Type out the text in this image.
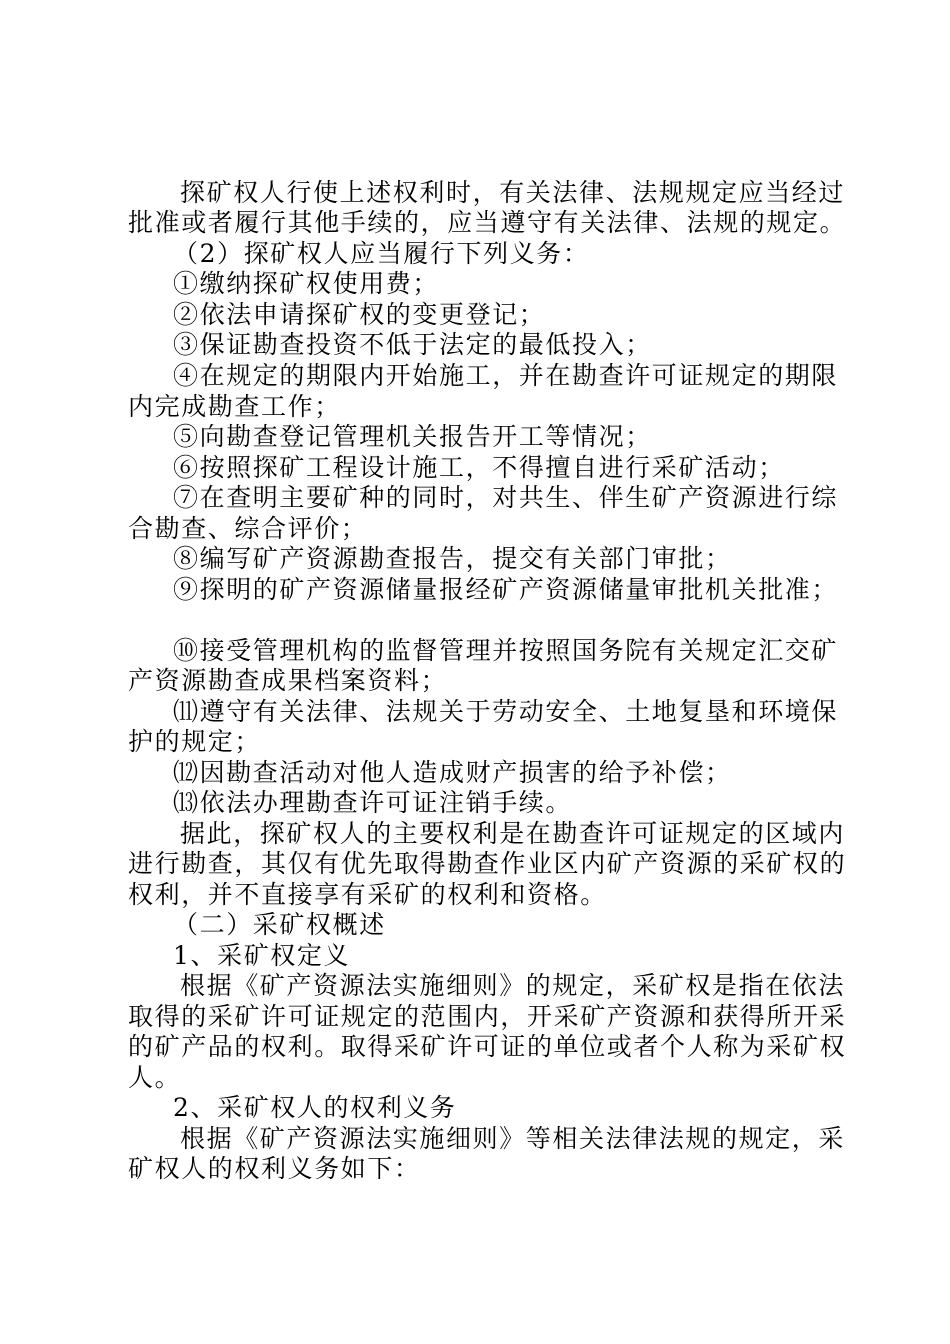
探矿权人行使上述权利时，有关法律、法规规定应当经过
批准或者履行其他手续的，应当遵守有关法律、法规的规定。
（2）探矿权人应当履行下列义务：
①缴纳探矿权使用费；
②依法申请探矿权的变更登记；
③保证勘查投资不低于法定的最低投入；
④在规定的期限内开始施工，并在勘查许可证规定的期限
内完成勘查工作；
⑤向勘查登记管理机关报告开工等情况；
⑥按照探矿工程设计施工，不得擅自进行采矿活动；
⑦在查明主要矿种的同时，对共生、伴生矿产资源进行综
合勘查、综合评价；
⑧编写矿产资源勘查报告，提交有关部门审批；
⑨探明的矿产资源储量报经矿产资源储量审批机关批准；
⑩接受管理机构的监督管理并按照国务院有关规定汇交矿
产资源勘查成果档案资料；
⑾遵守有关法律、法规关于劳动安全、土地复垦和环境保
护的规定；
⑿因勘查活动对他人造成财产损害的给予补偿；
⒀依法办理勘查许可证注销手续。
据此，探矿权人的主要权利是在勘查许可证规定的区域内
进行勘查，其仅有优先取得勘查作业区内矿产资源的采矿权的
权利，并不直接享有采矿的权利和资格。
（二）采矿权概述
1、采矿权定义
根据《矿产资源法实施细则》的规定，采矿权是指在依法
取得的采矿许可证规定的范围内，开采矿产资源和获得所开采
的矿产品的权利。取得采矿许可证的单位或者个人称为采矿权
人。
2、采矿权人的权利义务
根据《矿产资源法实施细则》等相关法律法规的规定，采
矿权人的权利义务如下：
